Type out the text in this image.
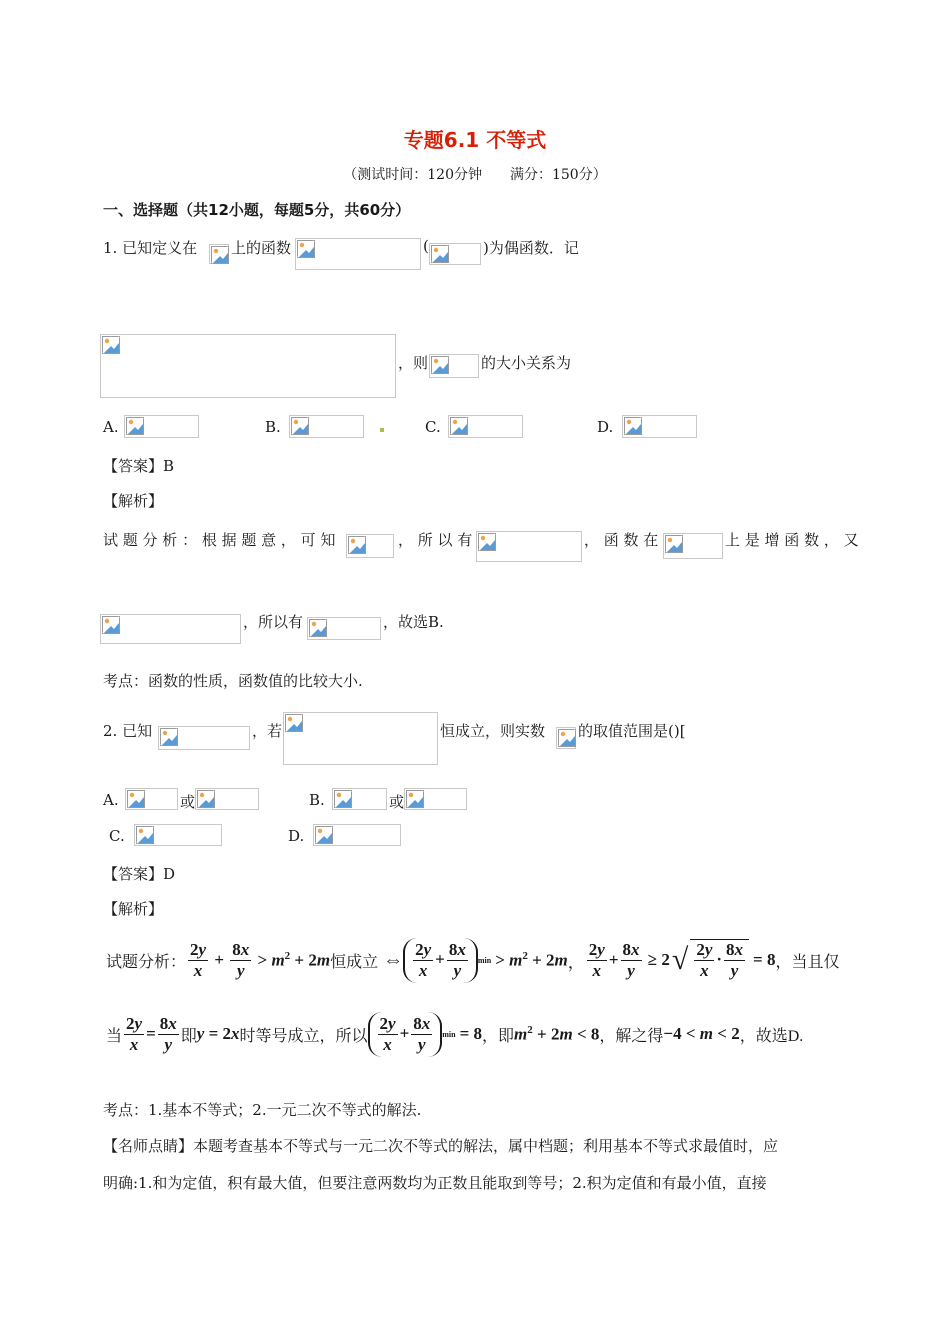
专题6.1 不等式
（测试时间：120分钟　　满分：150分）
一、选择题（共12小题，每题5分，共60分）
1. 已知定义在 上的函数	(	)为偶函数．记
，则	的大小关系为
A.	B.	C.	D.
【答案】B
【解析】
试 题 分 析 ： 根 据 题 意 ， 可 知	， 所 以 有	， 函 数 在	上 是 增 函 数 ， 又
，所以有	，故选B.
考点：函数的性质，函数值的比较大小.
2. 已知	，若	恒成立，则实数 的取值范围是()[
A.	或	B.	或
C.	D.
【答案】D
【解析】
试题分析： $\frac{2y}{x} + \frac{8x}{y} > m^2 + 2m$ 恒成立 ⇔ $\frac{2y}{x} + \frac{8x}{y}$ $\min > m^2 + 2m$ ， $\frac{2y}{x} + \frac{8x}{y} \ge 2$ √ $\frac{2y}{x} \cdot \frac{8x}{y} = 8$ ，当且仅
当 $\frac{2y}{x} = \frac{8x}{y}$ 即 y = 2x 时等号成立，所以 $\frac{2y}{x} + \frac{8x}{y}$ min = 8 ，即 $m^2 + 2m < 8$ ，解之得 −4 < m < 2 ，故选D.
考点：1.基本不等式；2.一元二次不等式的解法.
【名师点睛】本题考查基本不等式与一元二次不等式的解法，属中档题；利用基本不等式求最值时，应
明确:1.和为定值，积有最大值，但要注意两数均为正数且能取到等号；2.积为定值和有最小值，直接
